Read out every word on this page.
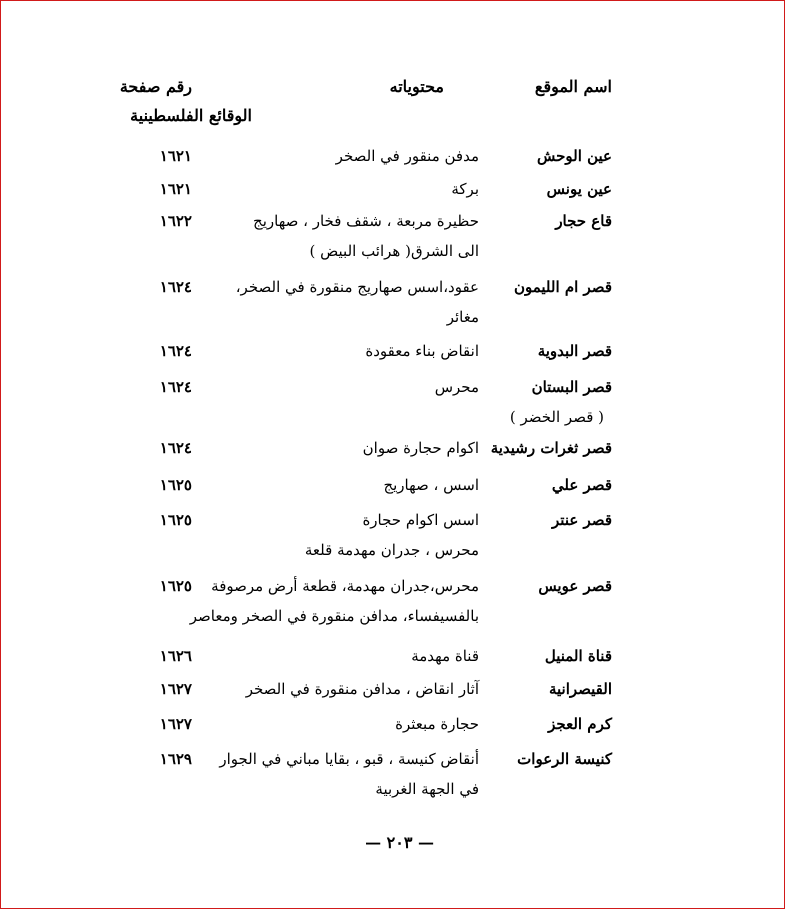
اسم الموقع
محتوياته
رقم صفحة
الوقائع الفلسطينية
عين الوحش
مدفن منقور في الصخر
١٦٢١
عين يونس
بركة
١٦٢١
قاع حجار
حظيرة مربعة ، شقف فخار ، صهاريج
الى الشرق( هرائب البيض )
١٦٢٢
قصر ام الليمون
عقود،اسس صهاريج منقورة في الصخر،
مغائر
١٦٢٤
قصر البدوية
انقاض بناء معقودة
١٦٢٤
قصر البستان
( قصر الخضر )
محرس
١٦٢٤
قصر ثغرات رشيدية
اكوام حجارة صوان
١٦٢٤
قصر علي
اسس ، صهاريج
١٦٢٥
قصر عنتر
اسس اكوام حجارة
محرس ، جدران مهدمة قلعة
١٦٢٥
قصر عويس
محرس،جدران مهدمة، قطعة أرض مرصوفة
بالفسيفساء، مدافن منقورة في الصخر ومعاصر
١٦٢٥
قناة المنيل
قناة مهدمة
١٦٢٦
القيصرانية
آثار انقاض ، مدافن منقورة في الصخر
١٦٢٧
كرم العجز
حجارة مبعثرة
١٦٢٧
كنيسة الرعوات
أنقاض كنيسة ، قبو ، بقايا مباني في الجوار
في الجهة الغربية
١٦٢٩
— ٢٠٣ —
